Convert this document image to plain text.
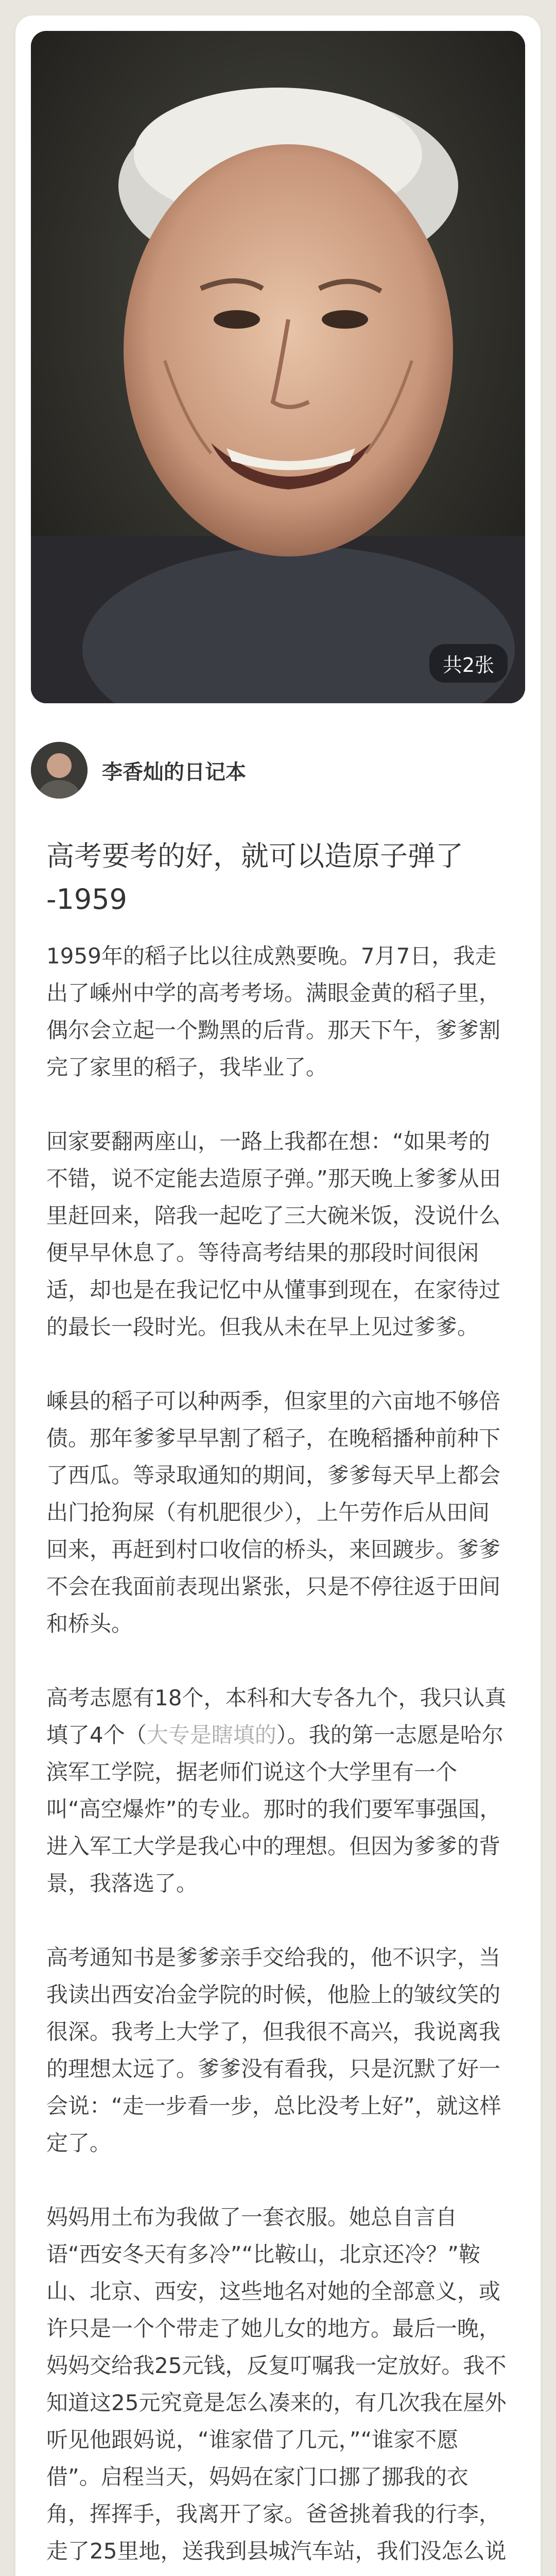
共2张
李香灿的日记本
高考要考的好，就可以造原子弹了
-1959

1959年的稻子比以往成熟要晚。7月7日，我走出了嵊州中学的高考考场。满眼金黄的稻子里，偶尔会立起一个黝黑的后背。那天下午，爹爹割完了家里的稻子，我毕业了。

回家要翻两座山，一路上我都在想：“如果考的不错，说不定能去造原子弹。”那天晚上爹爹从田里赶回来，陪我一起吃了三大碗米饭，没说什么便早早休息了。等待高考结果的那段时间很闲适，却也是在我记忆中从懂事到现在，在家待过的最长一段时光。但我从未在早上见过爹爹。

嵊县的稻子可以种两季，但家里的六亩地不够倍债。那年爹爹早早割了稻子，在晚稻播种前种下了西瓜。等录取通知的期间，爹爹每天早上都会出门抢狗屎（有机肥很少），上午劳作后从田间回来，再赶到村口收信的桥头，来回踱步。爹爹不会在我面前表现出紧张，只是不停往返于田间和桥头。

高考志愿有18个，本科和大专各九个，我只认真填了4个（大专是瞎填的）。我的第一志愿是哈尔滨军工学院，据老师们说这个大学里有一个叫“高空爆炸”的专业。那时的我们要军事强国，进入军工大学是我心中的理想。但因为爹爹的背景，我落选了。

高考通知书是爹爹亲手交给我的，他不识字，当我读出西安冶金学院的时候，他脸上的皱纹笑的很深。我考上大学了，但我很不高兴，我说离我的理想太远了。爹爹没有看我，只是沉默了好一会说：“走一步看一步，总比没考上好”，就这样定了。

妈妈用土布为我做了一套衣服。她总自言自语“西安冬天有多冷”“比鞍山，北京还冷？”鞍山、北京、西安，这些地名对她的全部意义，或许只是一个个带走了她儿女的地方。最后一晚，妈妈交给我25元钱，反复叮嘱我一定放好。我不知道这25元究竟是怎么凑来的，有几次我在屋外听见他跟妈说，“谁家借了几元，”“谁家不愿借”。启程当天，妈妈在家门口挪了挪我的衣角，挥挥手，我离开了家。爸爸挑着我的行李，走了25里地，送我到县城汽车站，我们没怎么说
